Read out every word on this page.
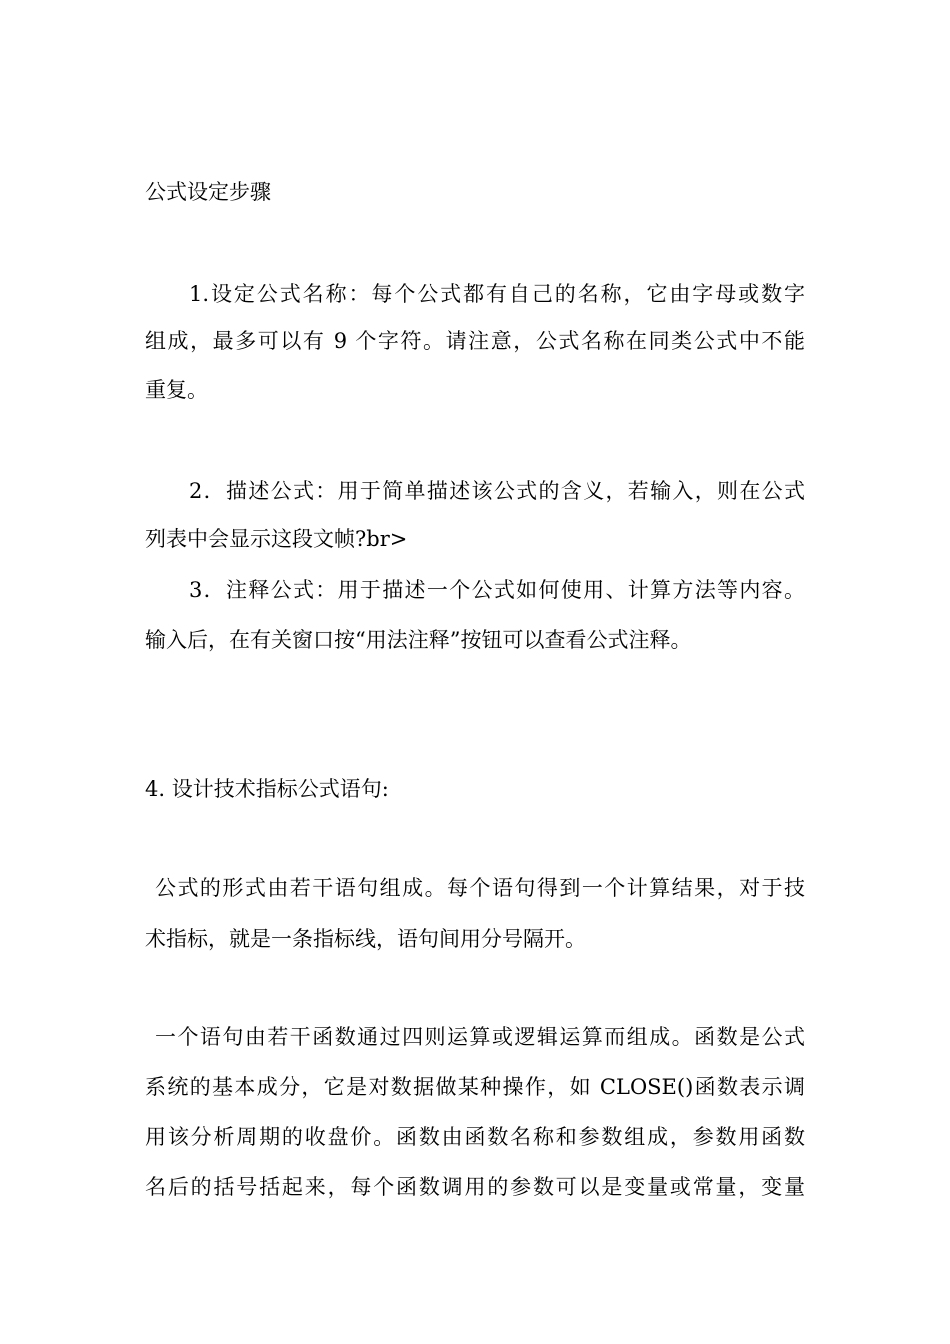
公式设定步骤

1.设定公式名称：每个公式都有自己的名称，它由字母或数字

组成，最多可以有 9 个字符。请注意，公式名称在同类公式中不能

重复。

2．描述公式：用于简单描述该公式的含义，若输入，则在公式

列表中会显示这段文帧?br>

3．注释公式：用于描述一个公式如何使用、计算方法等内容。

输入后，在有关窗口按“用法注释”按钮可以查看公式注释。

4. 设计技术指标公式语句:

公式的形式由若干语句组成。每个语句得到一个计算结果，对于技

术指标，就是一条指标线，语句间用分号隔开。

一个语句由若干函数通过四则运算或逻辑运算而组成。函数是公式

系统的基本成分，它是对数据做某种操作，如 CLOSE()函数表示调

用该分析周期的收盘价。函数由函数名称和参数组成，参数用函数

名后的括号括起来，每个函数调用的参数可以是变量或常量，变量
